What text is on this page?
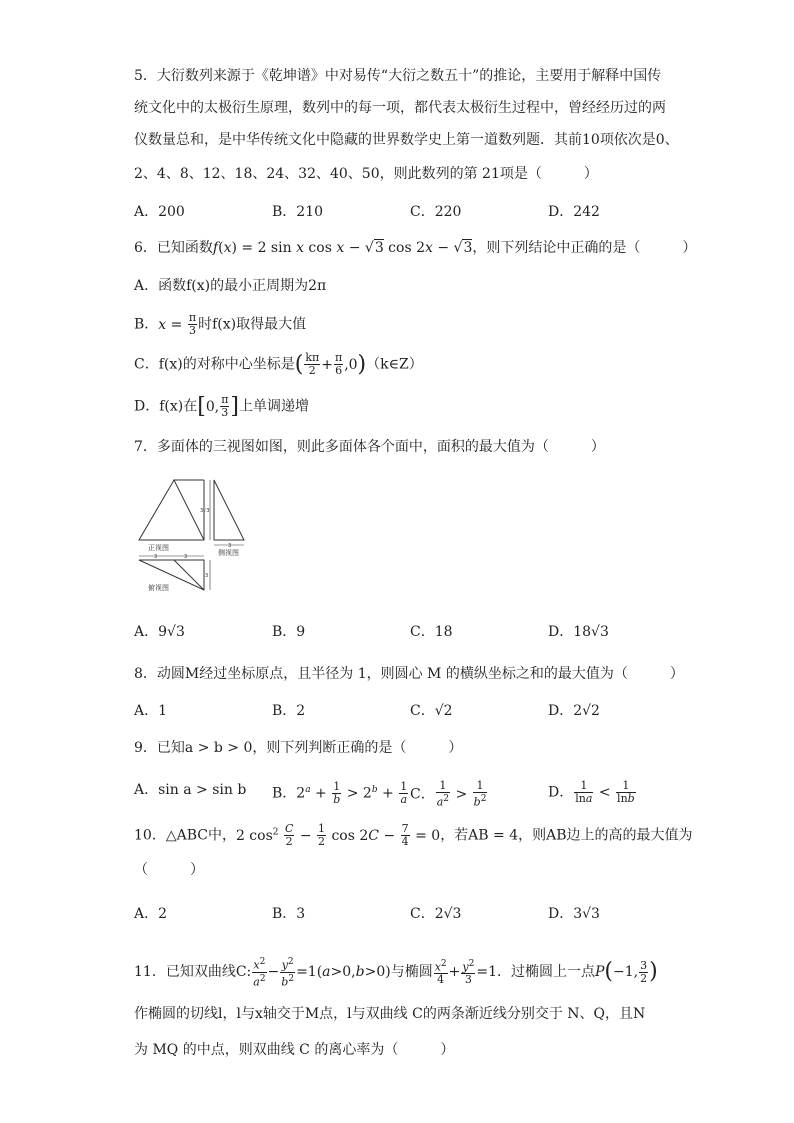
5．大衍数列来源于《乾坤谱》中对易传“大衍之数五十”的推论，主要用于解释中国传
统文化中的太极衍生原理，数列中的每一项，都代表太极衍生过程中，曾经经历过的两
仪数量总和，是中华传统文化中隐藏的世界数学史上第一道数列题．其前10项依次是0、
2、4、8、12、18、24、32、40、50，则此数列的第 21项是（　　　）
A．200	B．210	C．220	D．242
6．已知函数f(x) = 2 sin x cos x − √3 cos 2x − √3，则下列结论中正确的是（　　　）
A．函数f(x)的最小正周期为2π
B．$x = \frac{\pi}{3}$ 时f(x)取得最大值
C．f(x)的对称中心坐标是( $\frac{k\pi}{2} + \frac{\pi}{6}$ ,0)（k∈Z）
D．f(x)在[0, $\frac{\pi}{3}$ ]上单调递增
7．多面体的三视图如图，则此多面体各个面中，面积的最大值为（　　　）
3√3
3
侧视图
正视图
3	3
3
俯视图
A．9√3	B．9	C．18	D．18√3
8．动圆M经过坐标原点，且半径为 1，则圆心 M 的横纵坐标之和的最大值为（　　　）
A．1	B．2	C．√2	D．2√2
9．已知a > b > 0，则下列判断正确的是（　　　）
A．sin a > sin b B．$2^a + \frac{1}{b} > 2^b + \frac{1}{a}$ C． $\frac{1}{a^2} > \frac{1}{b^2}$	D． $\frac{1}{\ln a} < \frac{1}{\ln b}$
10．△ABC中，2 $\cos^2 \frac{C}{2} - \frac{1}{2}$ $\cos 2C - \frac{7}{4} = 0$，若AB = 4，则AB边上的高的最大值为
（　　　）
A．2	B．3	C．2√3	D．3√3
11．已知双曲线C: $\frac{x^2}{a^2} - \frac{y^2}{b^2} =1(a>0,b>0)$与椭圆 $\frac{x^2}{4} + \frac{y^2}{3} =1$．过椭圆上一点P(−1, $\frac{3}{2}$ )
作椭圆的切线l，l与x轴交于M点，l与双曲线 C的两条渐近线分别交于 N、Q，且N
为 MQ 的中点，则双曲线 C 的离心率为（　　　）
